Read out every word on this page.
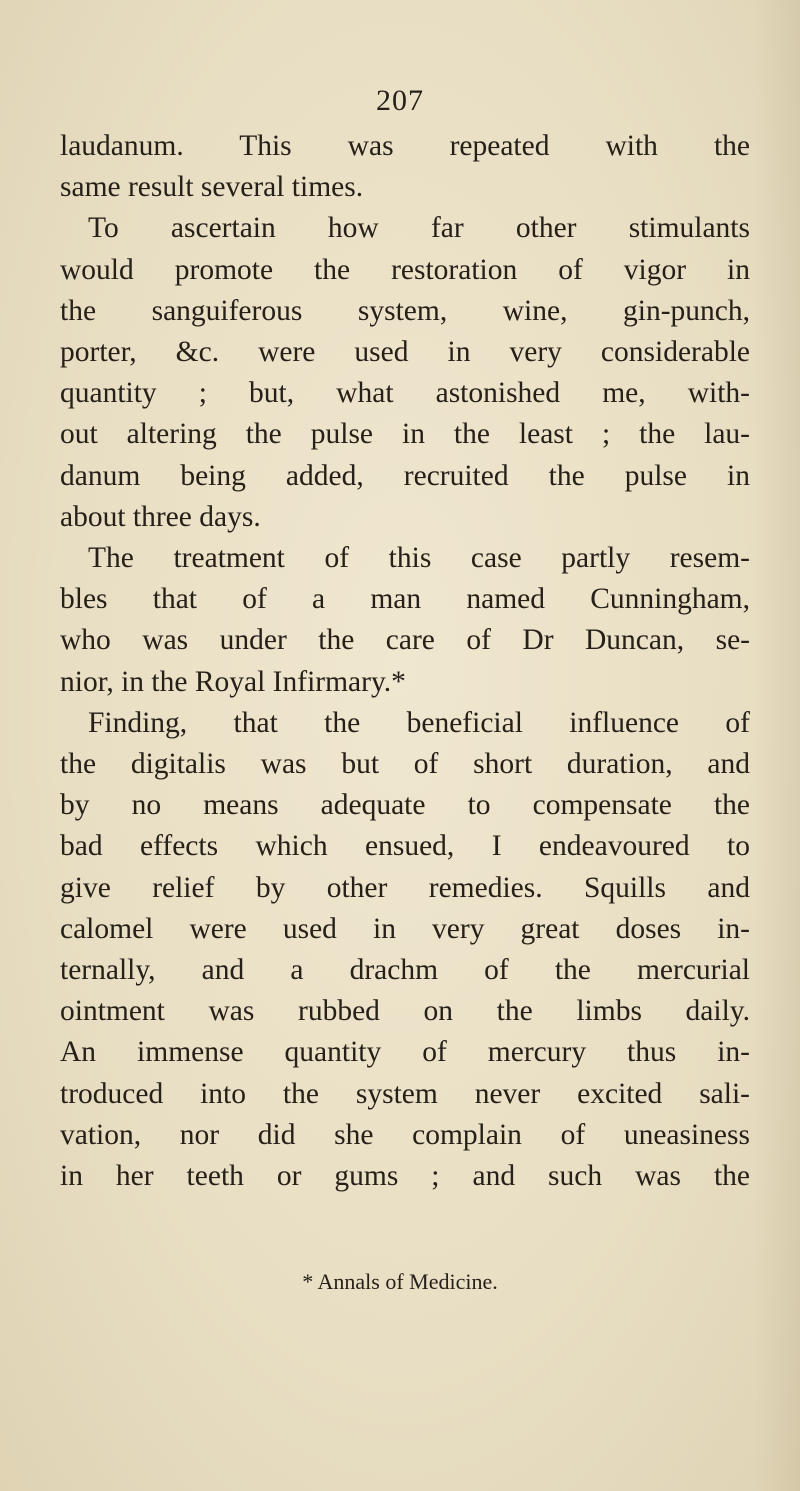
207
laudanum. This was repeated with the
same result several times.
To ascertain how far other stimulants
would promote the restoration of vigor in
the sanguiferous system, wine, gin-punch,
porter, &c. were used in very considerable
quantity ; but, what astonished me, with-
out altering the pulse in the least ; the lau-
danum being added, recruited the pulse in
about three days.
The treatment of this case partly resem-
bles that of a man named Cunningham,
who was under the care of Dr Duncan, se-
nior, in the Royal Infirmary.*
Finding, that the beneficial influence of
the digitalis was but of short duration, and
by no means adequate to compensate the
bad effects which ensued, I endeavoured to
give relief by other remedies. Squills and
calomel were used in very great doses in-
ternally, and a drachm of the mercurial
ointment was rubbed on the limbs daily.
An immense quantity of mercury thus in-
troduced into the system never excited sali-
vation, nor did she complain of uneasiness
in her teeth or gums ; and such was the
* Annals of Medicine.
